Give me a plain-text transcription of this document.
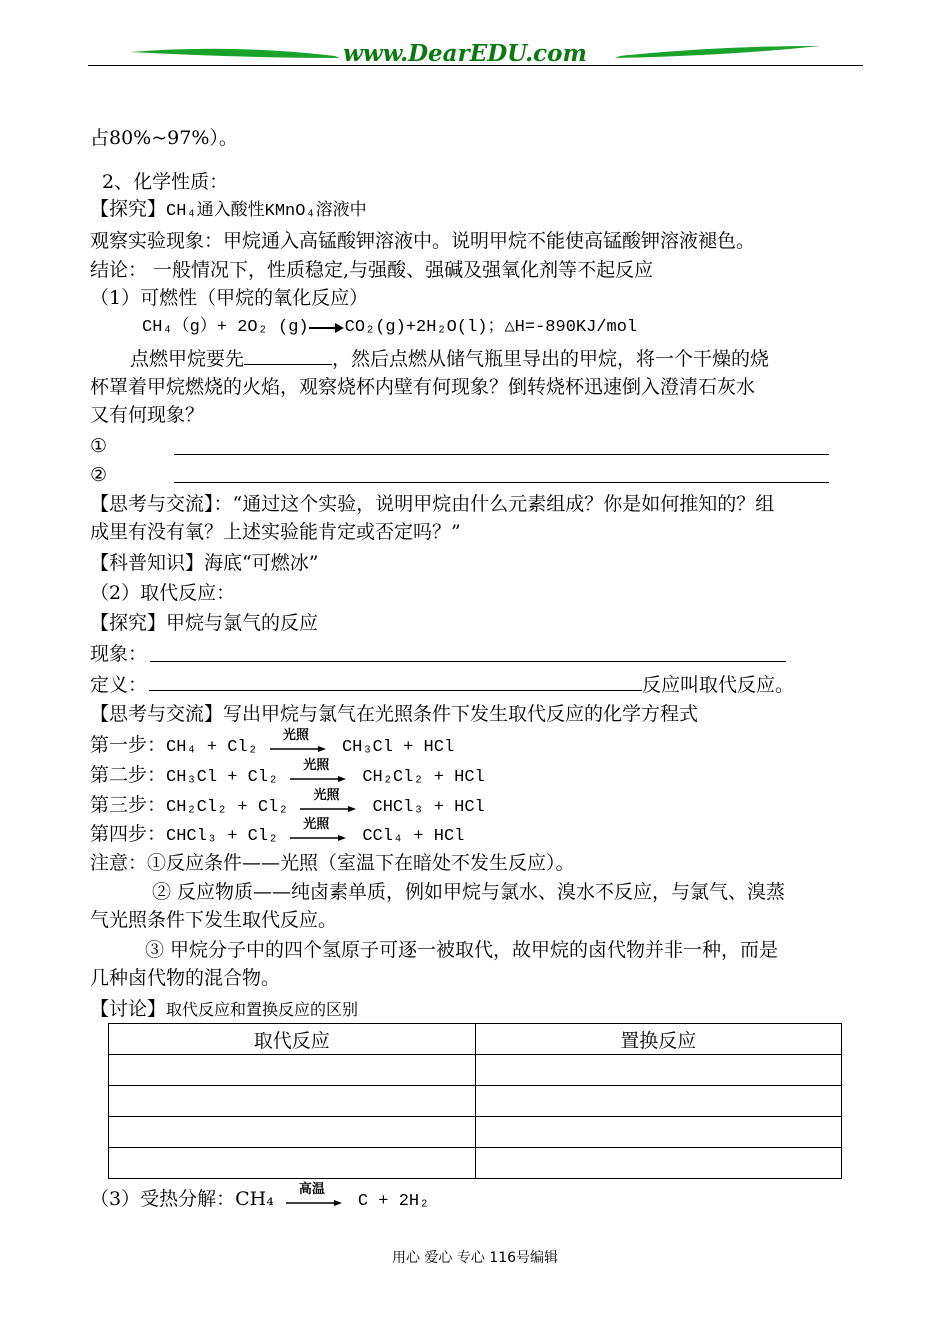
www.DearEDU.com
占80%~97%）。
2、化学性质：
【探究】CH₄通入酸性KMnO₄溶液中
观察实验现象：甲烷通入高锰酸钾溶液中。说明甲烷不能使高锰酸钾溶液褪色。
结论： 一般情况下，性质稳定,与强酸、强碱及强氧化剂等不起反应
（1）可燃性（甲烷的氧化反应）
CH₄（g）+ 2O₂ (g) CO₂(g)+2H₂O(l)；△H=-890KJ/mol
点燃甲烷要先	，然后点燃从储气瓶里导出的甲烷，将一个干燥的烧
杯罩着甲烷燃烧的火焰，观察烧杯内壁有何现象？倒转烧杯迅速倒入澄清石灰水
又有何现象？
①
②
【思考与交流】：“通过这个实验，说明甲烷由什么元素组成？你是如何推知的？组
成里有没有氧？上述实验能肯定或否定吗？”
【科普知识】海底“可燃冰”
（2）取代反应：
【探究】甲烷与氯气的反应
现象：
定义：	反应叫取代反应。
【思考与交流】写出甲烷与氯气在光照条件下发生取代反应的化学方程式
第一步：CH₄ + Cl₂
光照
CH₃Cl + HCl
第二步：CH₃Cl + Cl₂
光照
CH₂Cl₂ + HCl
第三步：CH₂Cl₂ + Cl₂
光照
CHCl₃ + HCl
第四步：CHCl₃ + Cl₂
光照
CCl₄ + HCl
注意：①反应条件——光照（室温下在暗处不发生反应）。
② 反应物质——纯卤素单质，例如甲烷与氯水、溴水不反应，与氯气、溴蒸
气光照条件下发生取代反应。
③ 甲烷分子中的四个氢原子可逐一被取代，故甲烷的卤代物并非一种，而是
几种卤代物的混合物。
【讨论】取代反应和置换反应的区别
取代反应	置换反应

（3）受热分解：CH₄	高温
C + 2H₂
用心 爱心 专心 116号编辑
